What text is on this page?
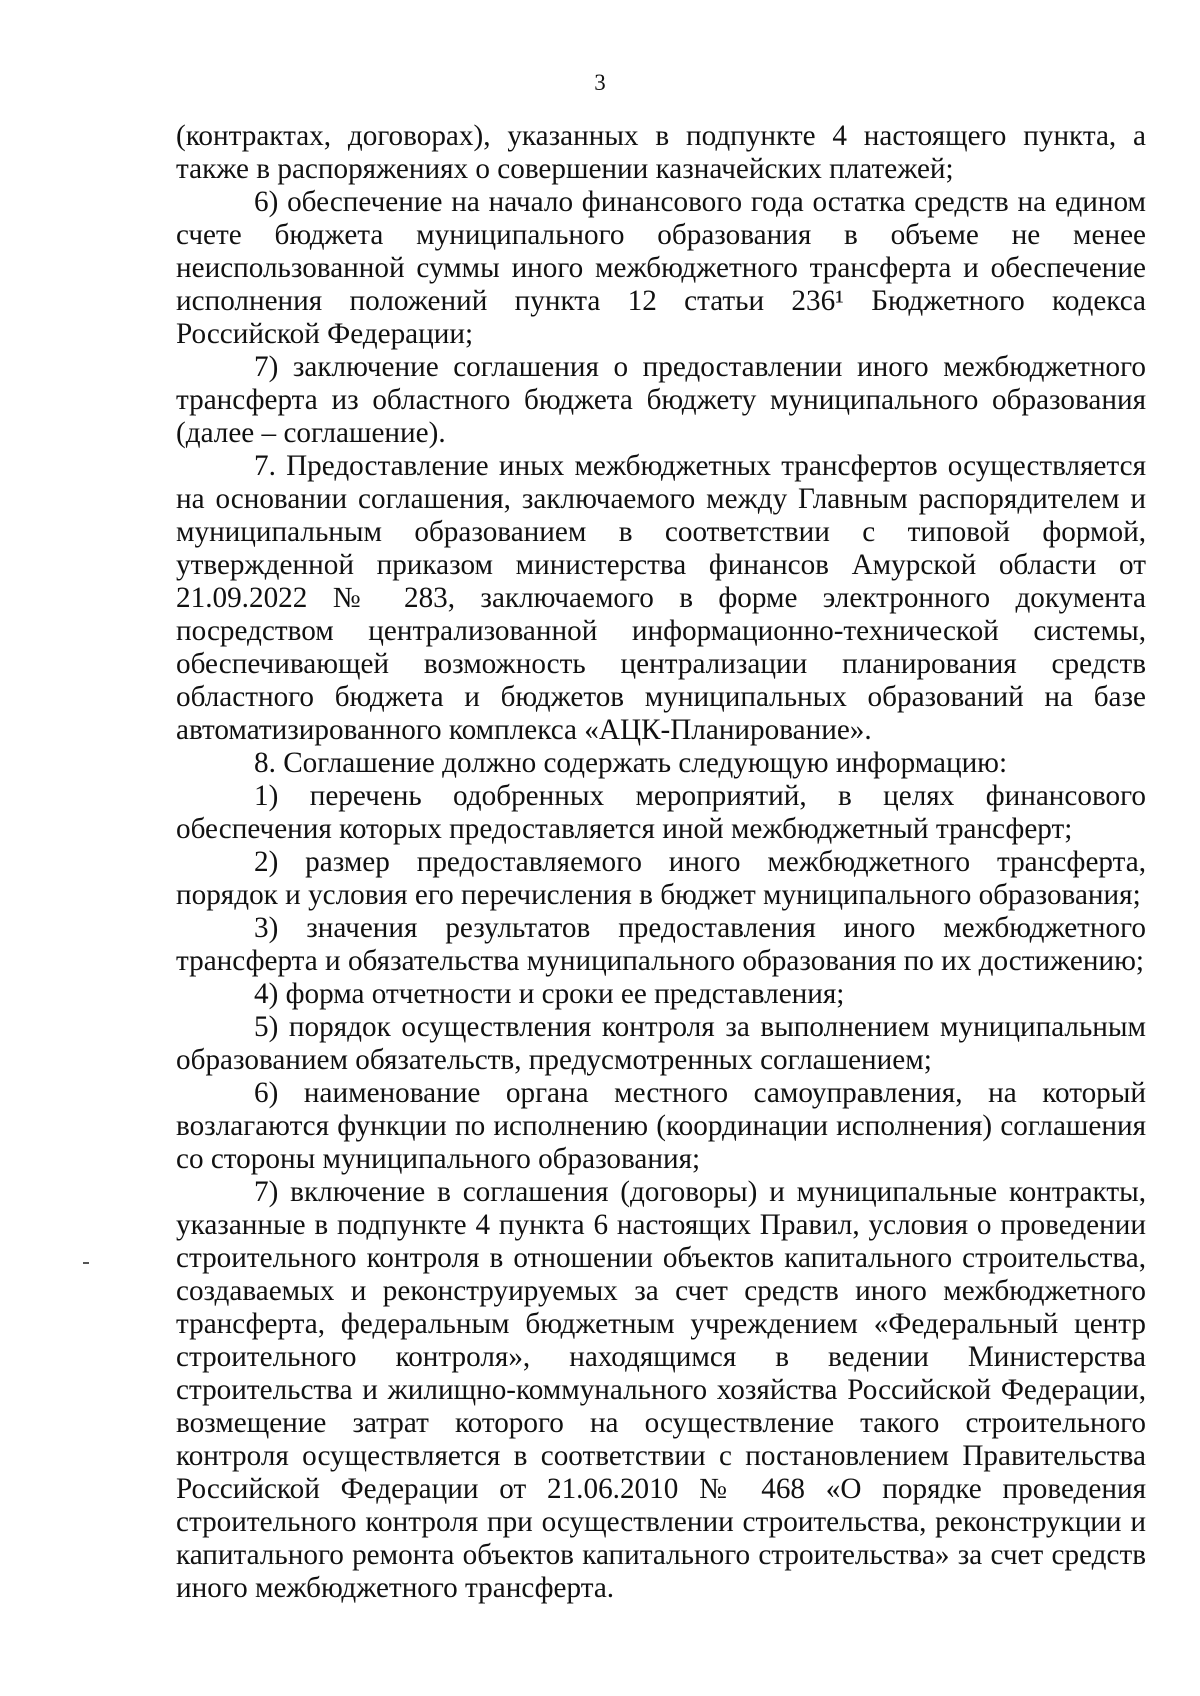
3

(контрактах, договорах), указанных в подпункте 4 настоящего пункта, а также в распоряжениях о совершении казначейских платежей;

6) обеспечение на начало финансового года остатка средств на едином счете бюджета муниципального образования в объеме не менее неиспользованной суммы иного межбюджетного трансферта и обеспечение исполнения положений пункта 12 статьи 236¹ Бюджетного кодекса Российской Федерации;

7) заключение соглашения о предоставлении иного межбюджетного трансферта из областного бюджета бюджету муниципального образования (далее – соглашение).

7. Предоставление иных межбюджетных трансфертов осуществляется на основании соглашения, заключаемого между Главным распорядителем и муниципальным образованием в соответствии с типовой формой, утвержденной приказом министерства финансов Амурской области от 21.09.2022 № 283, заключаемого в форме электронного документа посредством централизованной информационно-технической системы, обеспечивающей возможность централизации планирования средств областного бюджета и бюджетов муниципальных образований на базе автоматизированного комплекса «АЦК-Планирование».

8. Соглашение должно содержать следующую информацию:

1) перечень одобренных мероприятий, в целях финансового обеспечения которых предоставляется иной межбюджетный трансферт;

2) размер предоставляемого иного межбюджетного трансферта, порядок и условия его перечисления в бюджет муниципального образования;

3) значения результатов предоставления иного межбюджетного трансферта и обязательства муниципального образования по их достижению;

4) форма отчетности и сроки ее представления;

5) порядок осуществления контроля за выполнением муниципальным образованием обязательств, предусмотренных соглашением;

6) наименование органа местного самоуправления, на который возлагаются функции по исполнению (координации исполнения) соглашения со стороны муниципального образования;

7) включение в соглашения (договоры) и муниципальные контракты, указанные в подпункте 4 пункта 6 настоящих Правил, условия о проведении строительного контроля в отношении объектов капитального строительства, создаваемых и реконструируемых за счет средств иного межбюджетного трансферта, федеральным бюджетным учреждением «Федеральный центр строительного контроля», находящимся в ведении Министерства строительства и жилищно-коммунального хозяйства Российской Федерации, возмещение затрат которого на осуществление такого строительного контроля осуществляется в соответствии с постановлением Правительства Российской Федерации от 21.06.2010 № 468 «О порядке проведения строительного контроля при осуществлении строительства, реконструкции и капитального ремонта объектов капитального строительства» за счет средств иного межбюджетного трансферта.
